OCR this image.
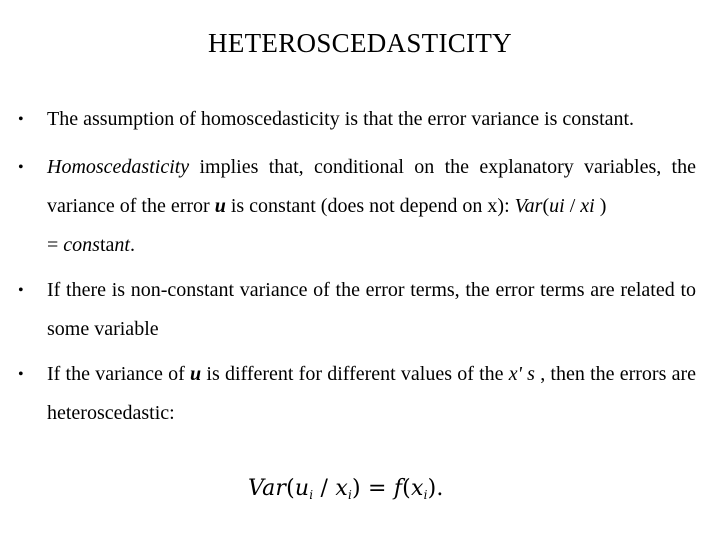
HETEROSCEDASTICITY
• The assumption of homoscedasticity is that the error variance is constant.
• Homoscedasticity implies that, conditional on the explanatory variables, the variance of the error u is constant (does not depend on x): Var(ui / xi )
= constant.
• If there is non-constant variance of the error terms, the error terms are related to some variable
• If the variance of u is different for different values of the x' s , then the errors are heteroscedastic:
$Var(u_i / x_i) = f(x_i)$.
